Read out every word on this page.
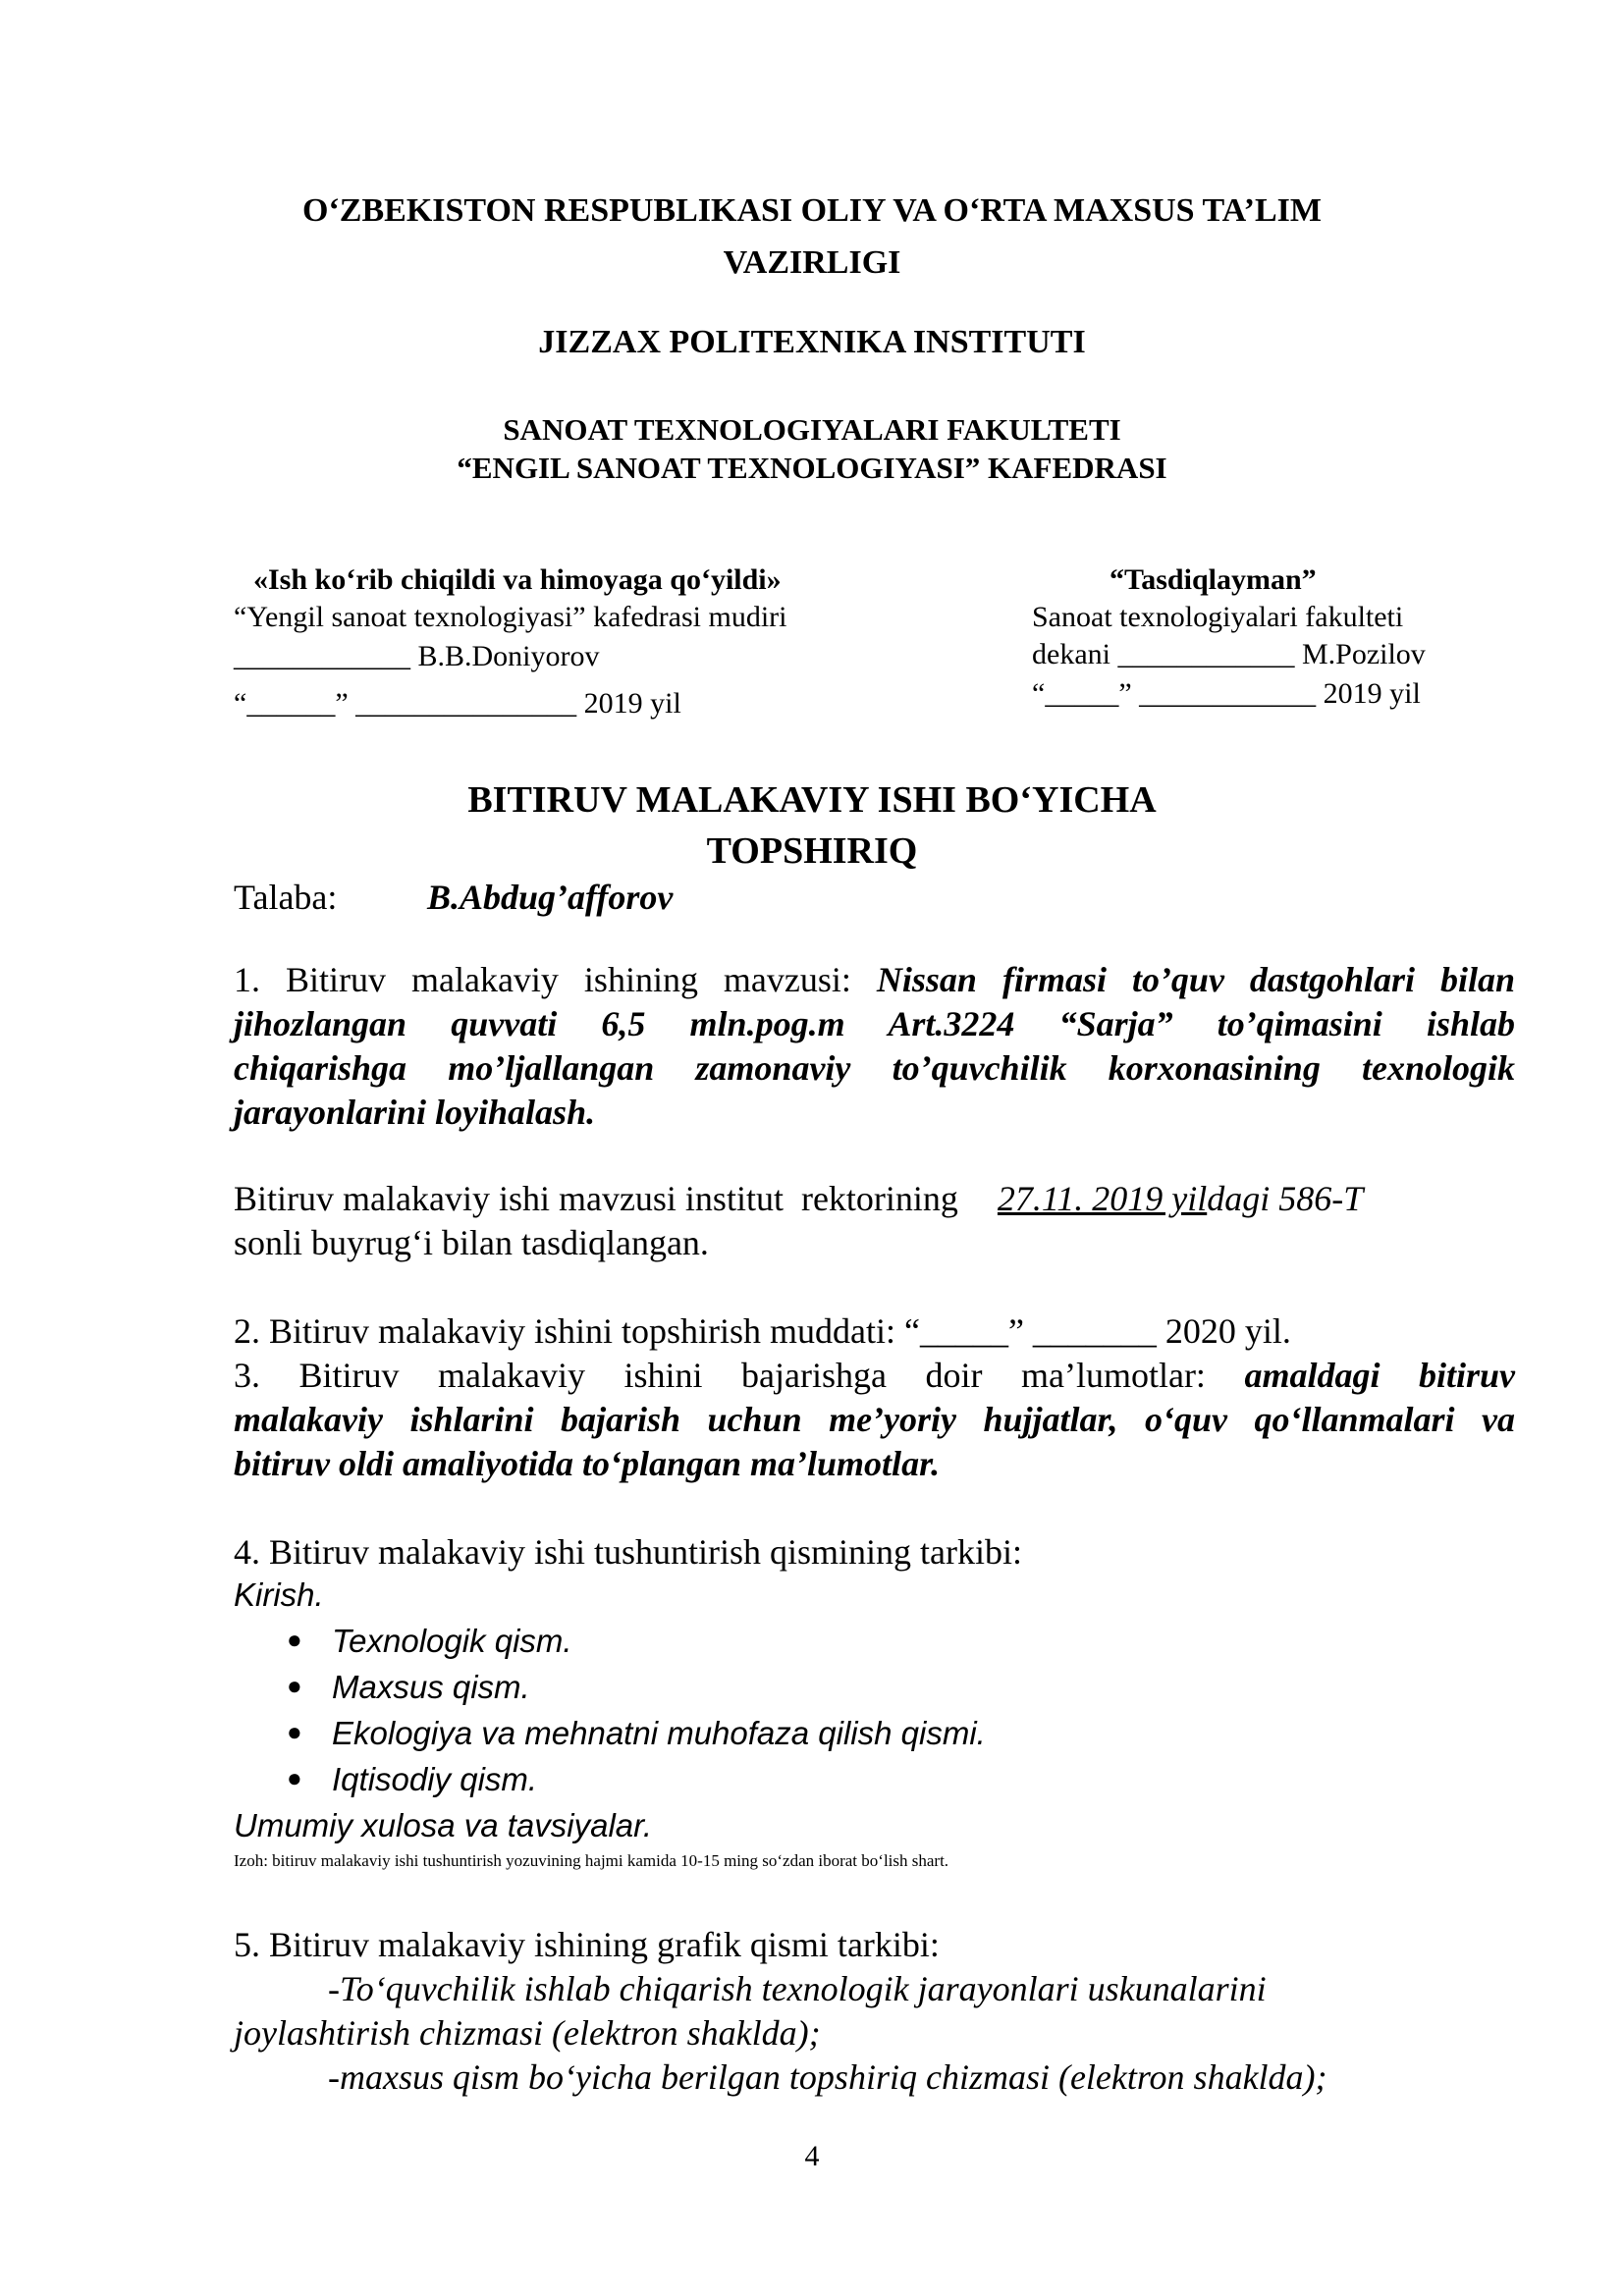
O‘ZBEKISTON RESPUBLIKASI OLIY VA O‘RTA MAXSUS TA’LIM
VAZIRLIGI
JIZZAX POLITEXNIKA INSTITUTI
SANOAT TEXNOLOGIYALARI FAKULTETI
“ENGIL SANOAT TEXNOLOGIYASI” KAFEDRASI
«Ish ko‘rib chiqildi va himoyaga qo‘yildi»
“Yengil sanoat texnologiyasi” kafedrasi mudiri
____________ B.B.Doniyorov
“______” _______________ 2019 yil
“Tasdiqlayman”
Sanoat texnologiyalari fakulteti
dekani ____________ M.Pozilov
“_____” ____________ 2019 yil
BITIRUV MALAKAVIY ISHI BO‘YICHA
TOPSHIRIQ
Talaba:	B.Abdug’afforov
1. Bitiruv malakaviy ishining mavzusi: Nissan firmasi to’quv dastgohlari bilan
jihozlangan quvvati 6,5 mln.pog.m Art.3224 “Sarja” to’qimasini ishlab
chiqarishga mo’ljallangan zamonaviy to’quvchilik korxonasining texnologik
jarayonlarini loyihalash.
Bitiruv malakaviy ishi mavzusi institut  rektorining  27.11. 2019 yildagi 586-T
sonli buyrug‘i bilan tasdiqlangan.
2. Bitiruv malakaviy ishini topshirish muddati: “_____” _______ 2020 yil.
3. Bitiruv malakaviy ishini bajarishga doir ma’lumotlar: amaldagi bitiruv
malakaviy ishlarini bajarish uchun me’yoriy hujjatlar, o‘quv qo‘llanmalari va
bitiruv oldi amaliyotida to‘plangan ma’lumotlar.
4. Bitiruv malakaviy ishi tushuntirish qismining tarkibi:
Kirish.
● Texnologik qism.
● Maxsus qism.
● Ekologiya va mehnatni muhofaza qilish qismi.
● Iqtisodiy qism.
Umumiy xulosa va tavsiyalar.
Izoh: bitiruv malakaviy ishi tushuntirish yozuvining hajmi kamida 10-15 ming so‘zdan iborat bo‘lish shart.
5. Bitiruv malakaviy ishining grafik qismi tarkibi:
-To‘quvchilik ishlab chiqarish texnologik jarayonlari uskunalarini
joylashtirish chizmasi (elektron shaklda);
-maxsus qism bo‘yicha berilgan topshiriq chizmasi (elektron shaklda);
4
